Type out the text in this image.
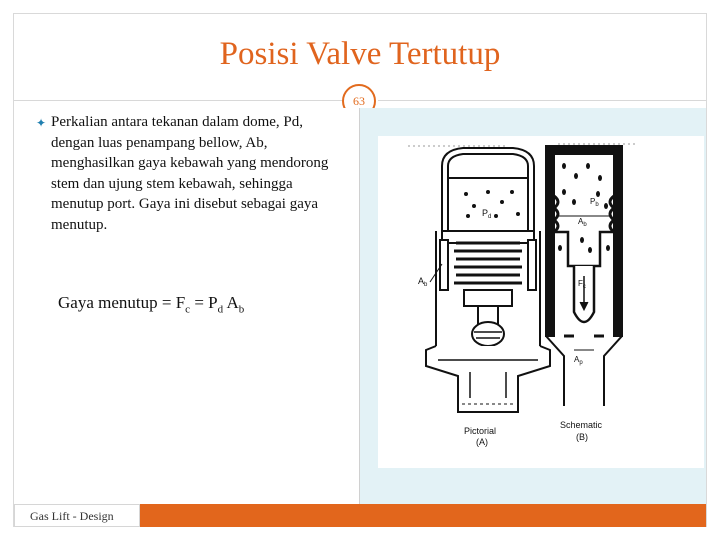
Posisi Valve Tertutup
63
✦ Perkalian antara tekanan dalam dome, Pd, dengan luas penampang bellow, Ab, menghasilkan gaya kebawah yang mendorong stem dan ujung stem kebawah, sehingga menutup port. Gaya ini disebut sebagai gaya menutup.
Gaya menutup = $F_c = P_d$ $A_b$
$A_b$
$P_d$
Pictorial
(A)
$P_b$
$A_b$
$F_c$
$A_p$
Schematic
(B)
Gas Lift - Design
